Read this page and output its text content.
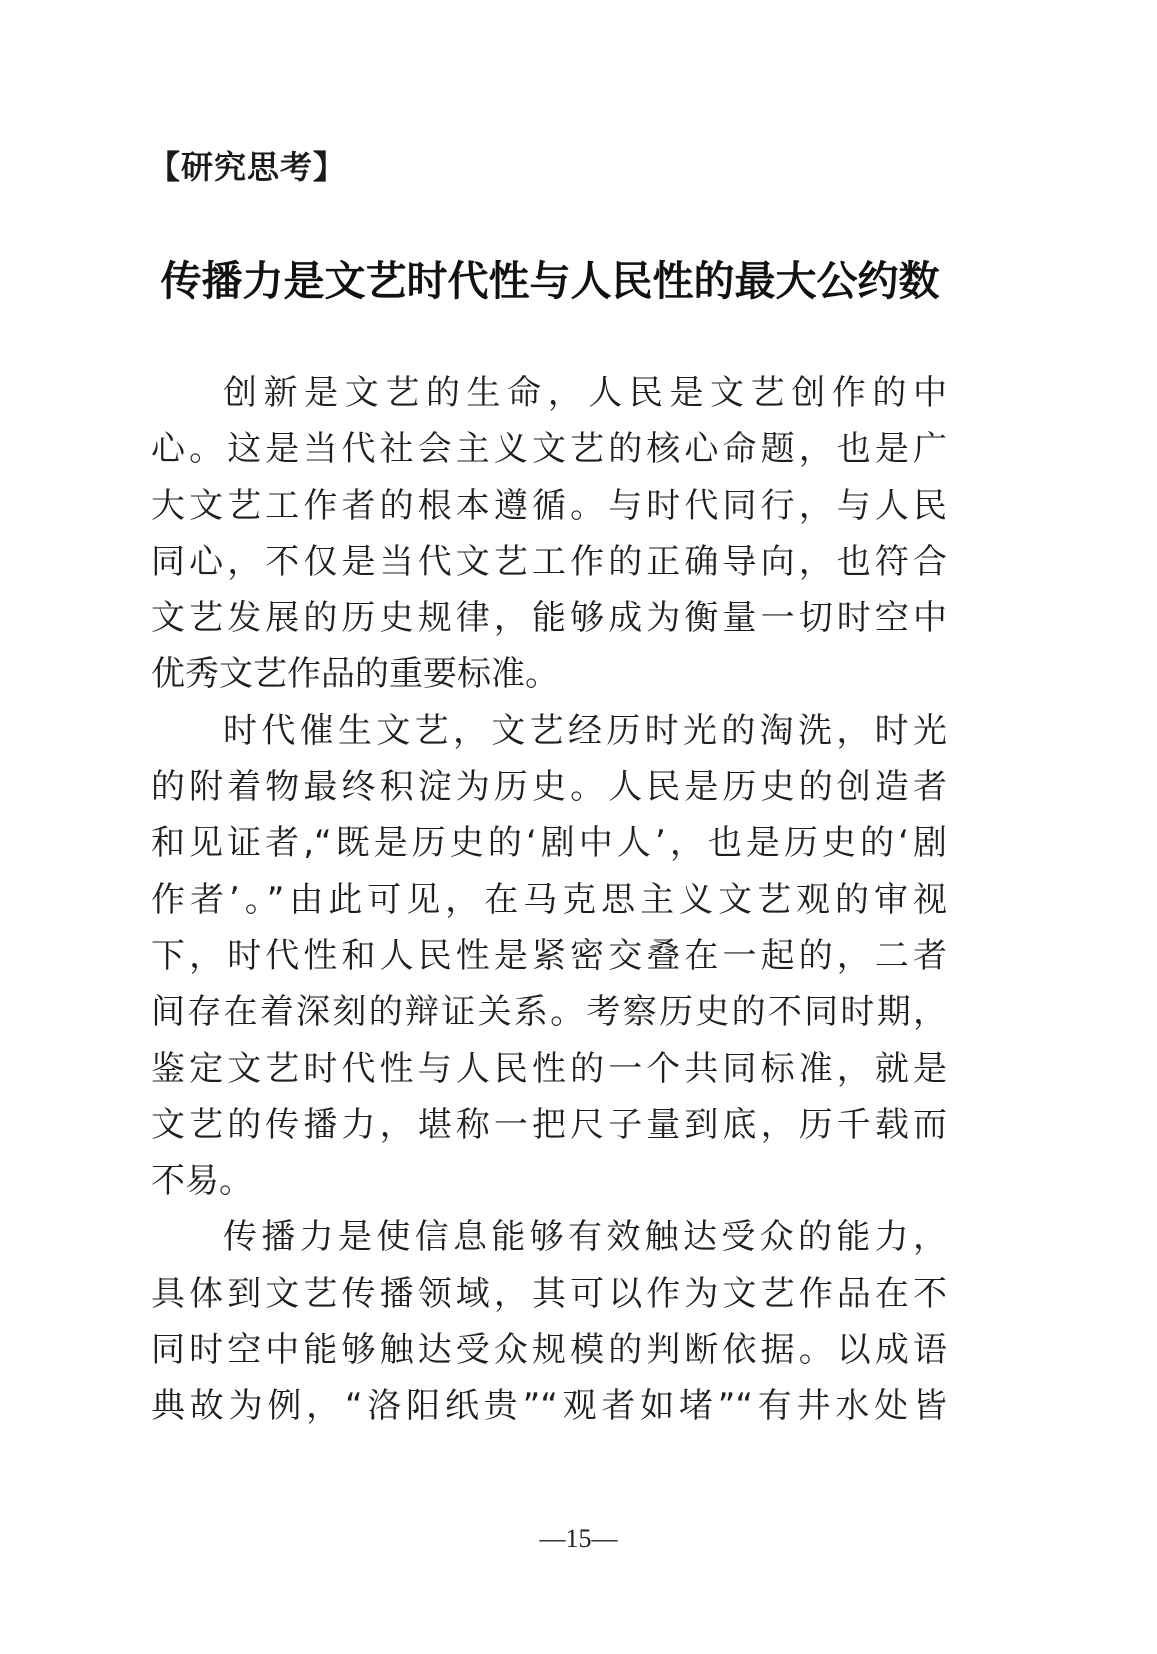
【研究思考】
传播力是文艺时代性与人民性的最大公约数
创新是文艺的生命，人民是文艺创作的中
心。这是当代社会主义文艺的核心命题，也是广
大文艺工作者的根本遵循。与时代同行，与人民
同心，不仅是当代文艺工作的正确导向，也符合
文艺发展的历史规律，能够成为衡量一切时空中
优秀文艺作品的重要标准。
时代催生文艺，文艺经历时光的淘洗，时光
的附着物最终积淀为历史。人民是历史的创造者
和见证者,“既是历史的‘剧中人’，也是历史的‘剧
作者’。”由此可见，在马克思主义文艺观的审视
下，时代性和人民性是紧密交叠在一起的，二者
间存在着深刻的辩证关系。考察历史的不同时期，
鉴定文艺时代性与人民性的一个共同标准，就是
文艺的传播力，堪称一把尺子量到底，历千载而
不易。
传播力是使信息能够有效触达受众的能力，
具体到文艺传播领域，其可以作为文艺作品在不
同时空中能够触达受众规模的判断依据。以成语
典故为例，“洛阳纸贵”“观者如堵”“有井水处皆
—15—
